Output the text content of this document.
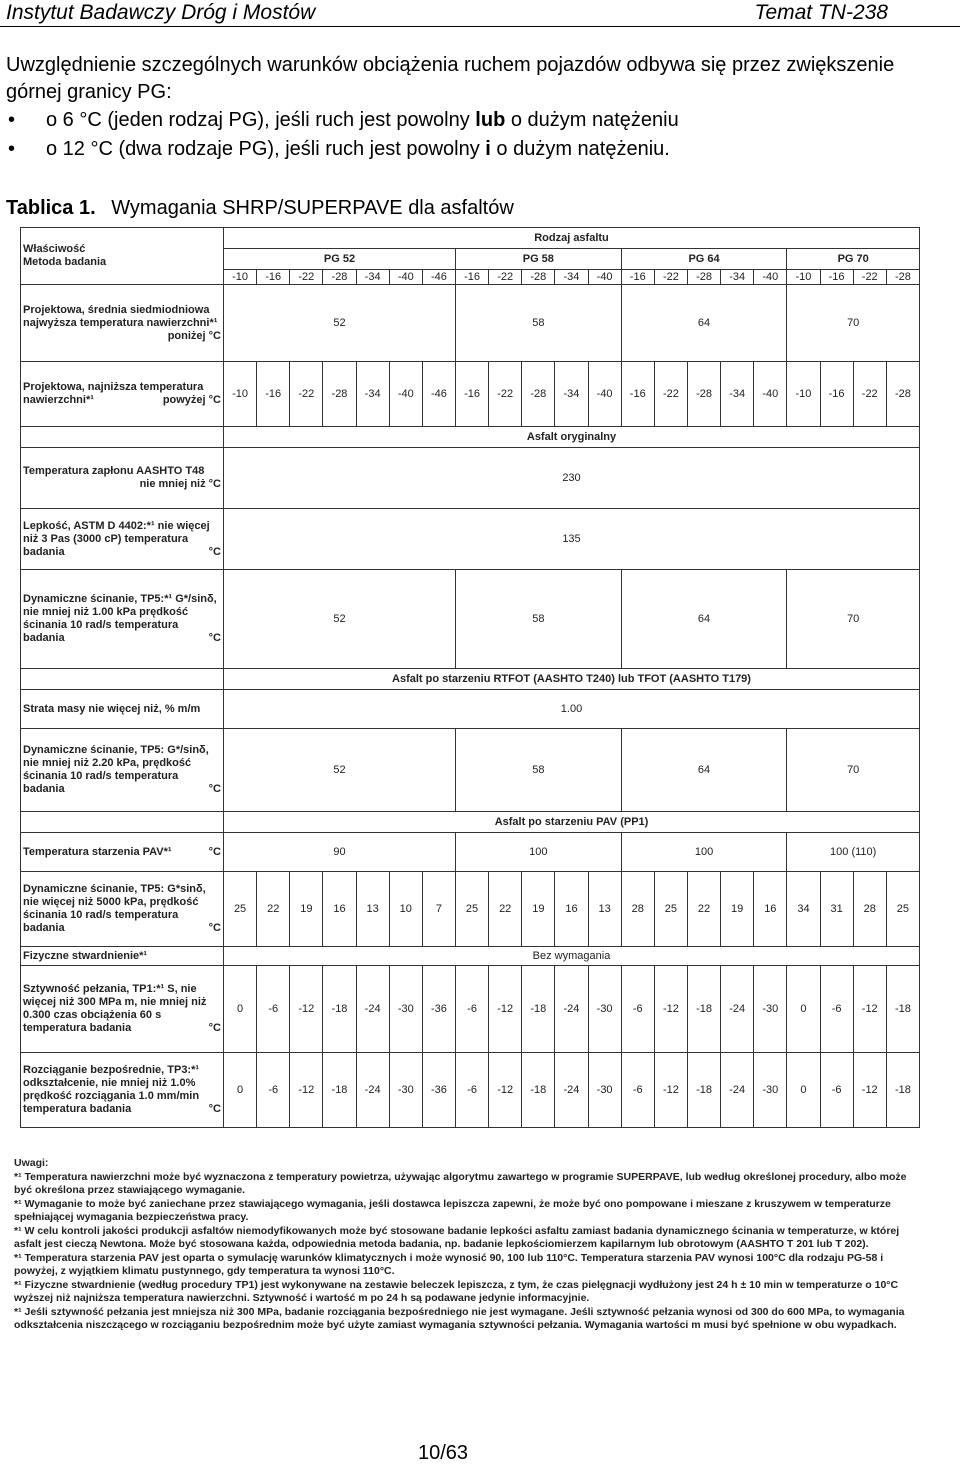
Instytut Badawczy Dróg i Mostów	Temat TN-238
Uwzględnienie szczególnych warunków obciążenia ruchem pojazdów odbywa się przez zwiększenie górnej granicy PG:
• o 6 °C (jeden rodzaj PG), jeśli ruch jest powolny lub o dużym natężeniu
• o 12 °C (dwa rodzaje PG), jeśli ruch jest powolny i o dużym natężeniu.
Tablica 1. Wymagania SHRP/SUPERPAVE dla asfaltów
Właściwość
Metoda badania	Rodzaj asfaltu																				
	PG 52							PG 58					PG 64					PG 70			
	-10	-16	-22	-28	-34	-40	-46	-16	-22	-28	-34	-40	-16	-22	-28	-34	-40	-10	-16	-22	-28
Projektowa, średnia siedmiodniowa najwyższa temperatura nawierzchni*¹
poniżej °C	52							58					64					70			
Projektowa, najniższa temperatura nawierzchni*¹ powyżej °C	-10	-16	-22	-28	-34	-40	-46	-16	-22	-28	-34	-40	-16	-22	-28	-34	-40	-10	-16	-22	-28
	Asfalt oryginalny																				
Temperatura zapłonu AASHTO T48
nie mniej niż °C	230																				
Lepkość, ASTM D 4402:*¹ nie więcej niż 3 Pas (3000 cP) temperatura badania °C	135																				
Dynamiczne ścinanie, TP5:*¹ G*/sinδ, nie mniej niż 1.00 kPa prędkość ścinania 10 rad/s temperatura badania °C	52							58					64					70			
	Asfalt po starzeniu RTFOT (AASHTO T240) lub TFOT (AASHTO T179)																				
Strata masy nie więcej niż, % m/m	1.00																				
Dynamiczne ścinanie, TP5: G*/sinδ, nie mniej niż 2.20 kPa, prędkość ścinania 10 rad/s temperatura badania °C	52							58					64					70			
	Asfalt po starzeniu PAV (PP1)																				
Temperatura starzenia PAV*¹ °C	90							100					100					100 (110)			
Dynamiczne ścinanie, TP5: G*sinδ, nie więcej niż 5000 kPa, prędkość ścinania 10 rad/s temperatura badania °C	25	22	19	16	13	10	7	25	22	19	16	13	28	25	22	19	16	34	31	28	25
Fizyczne stwardnienie*¹	Bez wymagania																				
Sztywność pełzania, TP1:*¹ S, nie więcej niż 300 MPa m, nie mniej niż 0.300 czas obciążenia 60 s temperatura badania °C	0	-6	-12	-18	-24	-30	-36	-6	-12	-18	-24	-30	-6	-12	-18	-24	-30	0	-6	-12	-18
Rozciąganie bezpośrednie, TP3:*¹ odkształcenie, nie mniej niż 1.0% prędkość rozciągania 1.0 mm/min temperatura badania °C	0	-6	-12	-18	-24	-30	-36	-6	-12	-18	-24	-30	-6	-12	-18	-24	-30	0	-6	-12	-18
Uwagi:

*¹ Temperatura nawierzchni może być wyznaczona z temperatury powietrza, używając algorytmu zawartego w programie SUPERPAVE, lub według określonej procedury, albo może być określona przez stawiającego wymaganie.

*¹ Wymaganie to może być zaniechane przez stawiającego wymagania, jeśli dostawca lepiszcza zapewni, że może być ono pompowane i mieszane z kruszywem w temperaturze spełniającej wymagania bezpieczeństwa pracy.

*¹ W celu kontroli jakości produkcji asfaltów niemodyfikowanych może być stosowane badanie lepkości asfaltu zamiast badania dynamicznego ścinania w temperaturze, w której asfalt jest cieczą Newtona. Może być stosowana każda, odpowiednia metoda badania, np. badanie lepkościomierzem kapilarnym lub obrotowym (AASHTO T 201 lub T 202).

*¹ Temperatura starzenia PAV jest oparta o symulację warunków klimatycznych i może wynosić 90, 100 lub 110°C. Temperatura starzenia PAV wynosi 100°C dla rodzaju PG-58 i powyżej, z wyjątkiem klimatu pustynnego, gdy temperatura ta wynosi 110°C.

*¹ Fizyczne stwardnienie (według procedury TP1) jest wykonywane na zestawie beleczek lepiszcza, z tym, że czas pielęgnacji wydłużony jest 24 h ± 10 min w temperaturze o 10°C wyższej niż najniższa temperatura nawierzchni. Sztywność i wartość m po 24 h są podawane jedynie informacyjnie.

*¹ Jeśli sztywność pełzania jest mniejsza niż 300 MPa, badanie rozciągania bezpośredniego nie jest wymagane. Jeśli sztywność pełzania wynosi od 300 do 600 MPa, to wymagania odkształcenia niszczącego w rozciąganiu bezpośrednim może być użyte zamiast wymagania sztywności pełzania. Wymagania wartości m musi być spełnione w obu wypadkach.

10/63
